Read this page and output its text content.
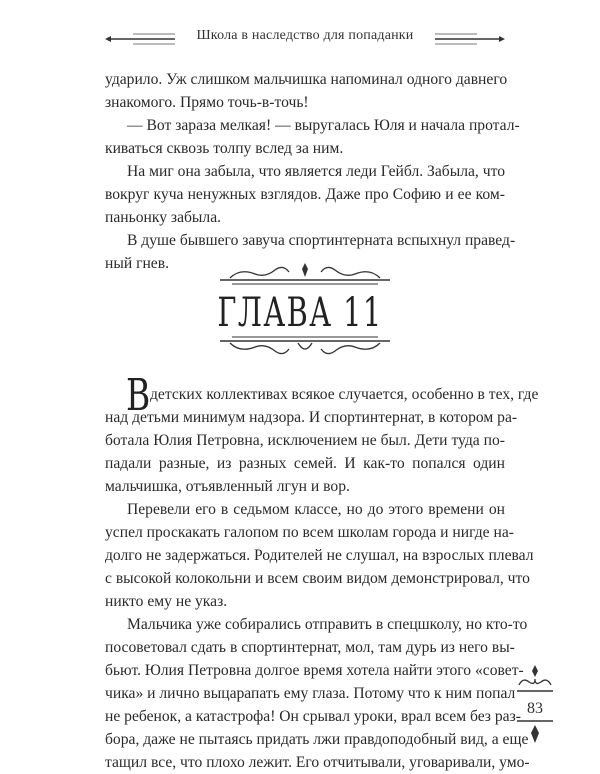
Школа в наследство для попаданки
ударило. Уж слишком мальчишка напоминал одного давнего
знакомого. Прямо точь-в-точь!
— Вот зараза мелкая! — выругалась Юля и начала протал-
киваться сквозь толпу вслед за ним.
На миг она забыла, что является леди Гейбл. Забыла, что
вокруг куча ненужных взглядов. Даже про Софию и ее ком-
паньонку забыла.
В душе бывшего завуча спортинтерната вспыхнул правед-
ный гнев.
ГЛАВА 11
В детских коллективах всякое случается, особенно в тех, где
над детьми минимум надзора. И спортинтернат, в котором ра-
ботала Юлия Петровна, исключением не был. Дети туда по-
падали разные, из разных семей. И как-то попался один
мальчишка, отъявленный лгун и вор.
Перевели его в седьмом классе, но до этого времени он
успел проскакать галопом по всем школам города и нигде на-
долго не задержаться. Родителей не слушал, на взрослых плевал
с высокой колокольни и всем своим видом демонстрировал, что
никто ему не указ.
Мальчика уже собирались отправить в спецшколу, но кто-то
посоветовал сдать в спортинтернат, мол, там дурь из него вы-
бьют. Юлия Петровна долгое время хотела найти этого «совет-
чика» и лично выцарапать ему глаза. Потому что к ним попал
не ребенок, а катастрофа! Он срывал уроки, врал всем без раз-
бора, даже не пытаясь придать лжи правдоподобный вид, а еще
тащил все, что плохо лежит. Его отчитывали, уговаривали, умо-
83
